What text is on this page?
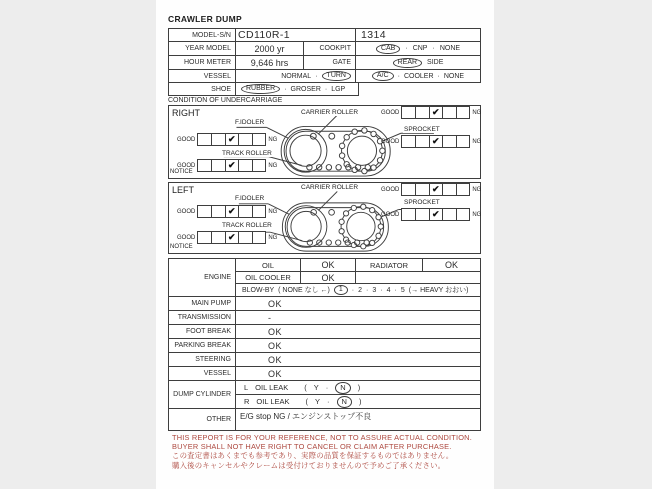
CRAWLER DUMP
MODEL-S/N CD110R-1	1314
YEAR MODEL	2000 yr	COOKPIT	CAB	· CNP · NONE
HOUR METER	9,646 hrs	GATE	REAR	SIDE
VESSEL	NORMAL ·	TURN	A/C	· COOLER · NONE
SHOE	RUBBER	· GROSER · LGP
CONDITION OF UNDERCARRIAGE
RIGHT	CARRIER ROLLER	GOOD	✔	NG
F.IDOLER
GOOD	✔	NG
TRACK ROLLER
GOOD	✔	NG
SPROCKET
GOOD	✔	NG
NOTICE
LEFT	CARRIER ROLLER	GOOD	✔	NG
F.IDOLER
GOOD	✔	NG
TRACK ROLLER
GOOD	✔	NG
SPROCKET
GOOD	✔	NG
NOTICE
ENGINE
OIL	OK	RADIATOR	OK
OIL COOLER	OK
BLOW-BY ( NONE なし ←)	1	· 2 · 3 · 4 · 5 (→ HEAVY おおい)
MAIN PUMP	OK
TRANSMISSION	-
FOOT BREAK	OK
PARKING BREAK	OK
STEERING	OK
VESSEL	OK
DUMP CYLINDER
L OIL LEAK ( Y ·	N	)
R OIL LEAK ( Y ·	N	)
OTHER	E/G stop NG / エンジンストップ不良
THIS REPORT IS FOR YOUR REFERENCE, NOT TO ASSURE ACTUAL CONDITION.
BUYER SHALL NOT HAVE RIGHT TO CANCEL OR CLAIM AFTER PURCHASE.
この査定書はあくまでも参考であり、実際の品質を保証するものではありません。
購入後のキャンセルやクレームは受付けておりませんので予めご了承ください。
